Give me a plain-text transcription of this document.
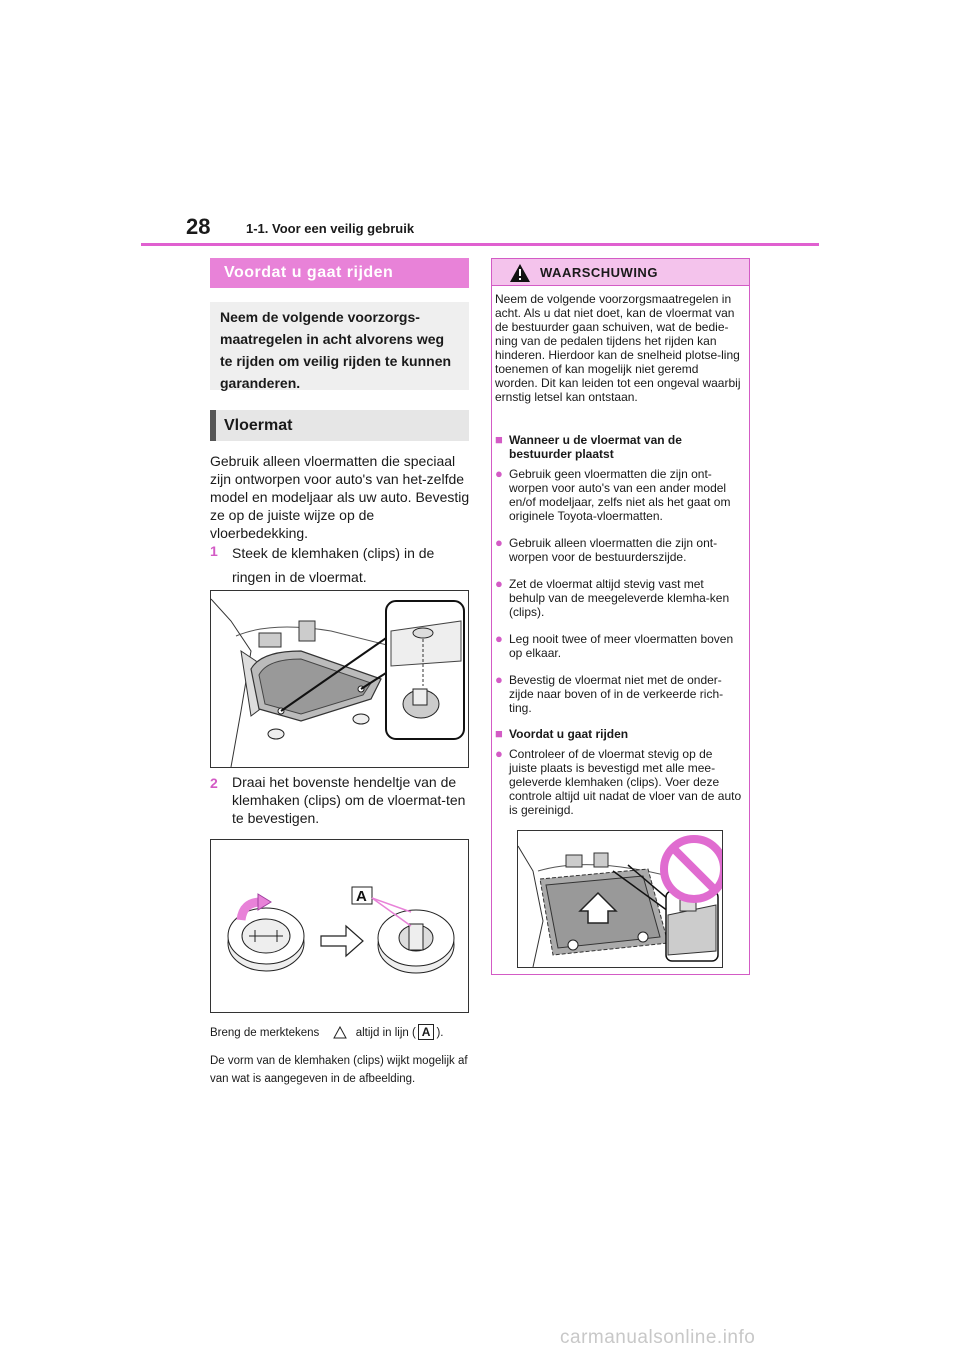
28	1-1. Voor een veilig gebruik
Voordat u gaat rijden
Neem de volgende voorzorgs-maatregelen in acht alvorens weg te rijden om veilig rijden te kunnen garanderen.
Vloermat
Gebruik alleen vloermatten die speciaal zijn ontworpen voor auto's van het-zelfde model en modeljaar als uw auto. Bevestig ze op de juiste wijze op de vloerbedekking.
1	Steek de klemhaken (clips) in de ringen in de vloermat.
2	Draai het bovenste hendeltje van de klemhaken (clips) om de vloermat-ten te bevestigen.
A
Breng de merktekens	altijd in lijn ( A ).
De vorm van de klemhaken (clips) wijkt mogelijk af van wat is aangegeven in de afbeelding.
WAARSCHUWING
Neem de volgende voorzorgsmaatregelen in acht. Als u dat niet doet, kan de vloermat van de bestuurder gaan schuiven, wat de bedie-ning van de pedalen tijdens het rijden kan hinderen. Hierdoor kan de snelheid plotse-ling toenemen of kan mogelijk niet geremd worden. Dit kan leiden tot een ongeval waarbij ernstig letsel kan ontstaan.
■ Wanneer u de vloermat van de bestuurder plaatst
● Gebruik geen vloermatten die zijn ont-worpen voor auto's van een ander model en/of modeljaar, zelfs niet als het gaat om originele Toyota-vloermatten.
● Gebruik alleen vloermatten die zijn ont-worpen voor de bestuurderszijde.
● Zet de vloermat altijd stevig vast met behulp van de meegeleverde klemha-ken (clips).
● Leg nooit twee of meer vloermatten boven op elkaar.
● Bevestig de vloermat niet met de onder-zijde naar boven of in de verkeerde rich-ting.
■ Voordat u gaat rijden
● Controleer of de vloermat stevig op de juiste plaats is bevestigd met alle mee-geleverde klemhaken (clips). Voer deze controle altijd uit nadat de vloer van de auto is gereinigd.
carmanualsonline.info
